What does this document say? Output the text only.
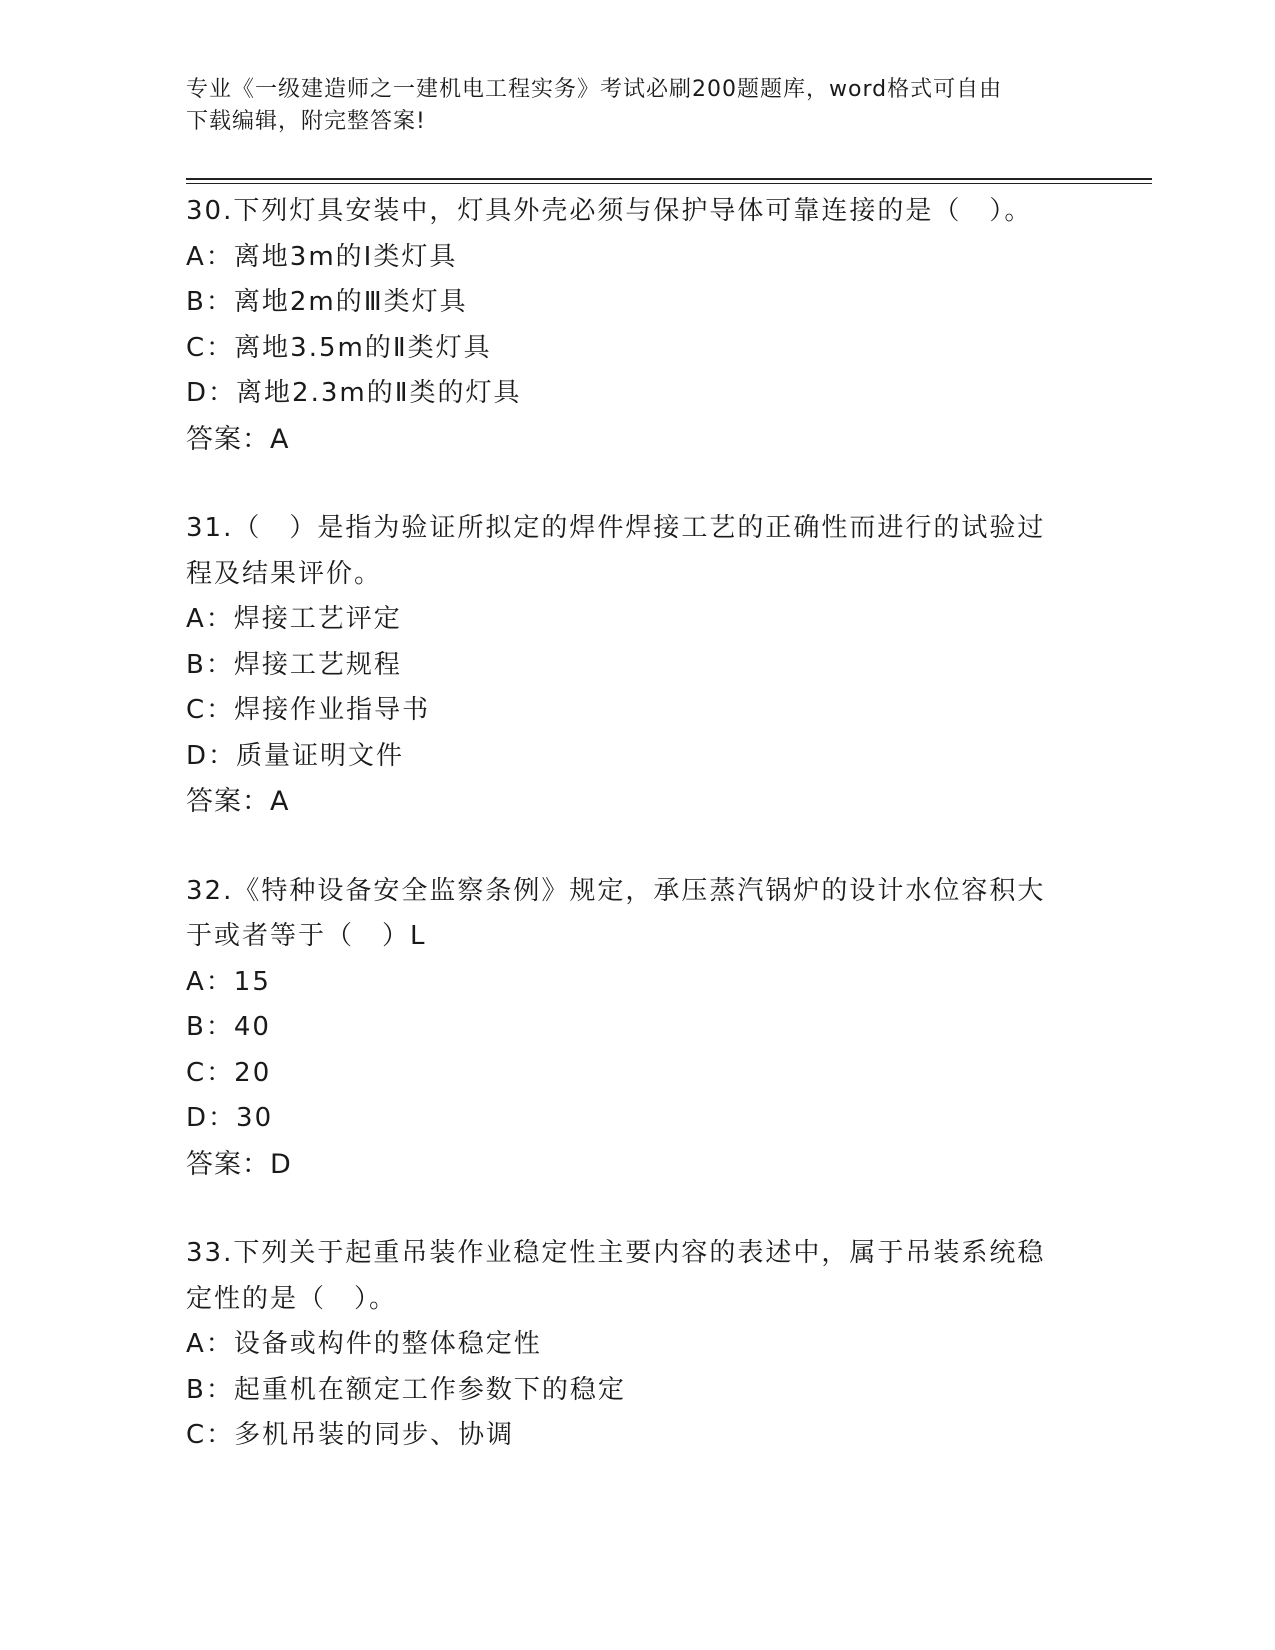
专业《一级建造师之一建机电工程实务》考试必刷200题题库，word格式可自由
下载编辑，附完整答案!
30.下列灯具安装中，灯具外壳必须与保护导体可靠连接的是（　）。
A：离地3m的Ⅰ类灯具
B：离地2m的Ⅲ类灯具
C：离地3.5m的Ⅱ类灯具
D：离地2.3m的Ⅱ类的灯具
答案：A
31.（　）是指为验证所拟定的焊件焊接工艺的正确性而进行的试验过
程及结果评价。
A：焊接工艺评定
B：焊接工艺规程
C：焊接作业指导书
D：质量证明文件
答案：A
32.《特种设备安全监察条例》规定，承压蒸汽锅炉的设计水位容积大
于或者等于（　）L
A：15
B：40
C：20
D：30
答案：D
33.下列关于起重吊装作业稳定性主要内容的表述中，属于吊装系统稳
定性的是（　）。
A：设备或构件的整体稳定性
B：起重机在额定工作参数下的稳定
C：多机吊装的同步、协调
